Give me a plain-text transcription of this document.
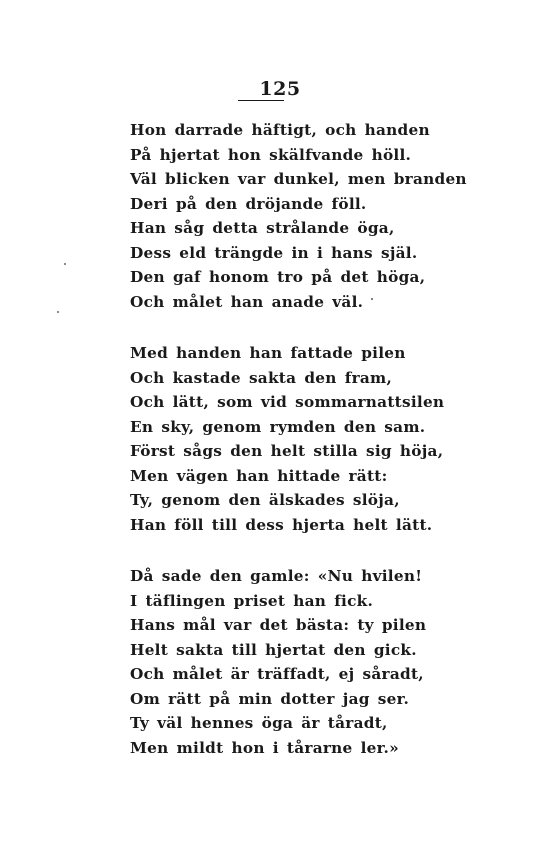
125
Hon darrade häftigt, och handen
På hjertat hon skälfvande höll.
Väl blicken var dunkel, men branden
Deri på den dröjande föll.
Han såg detta strålande öga,
Dess eld trängde in i hans själ.
Den gaf honom tro på det höga,
Och målet han anade väl.
Med handen han fattade pilen
Och kastade sakta den fram,
Och lätt, som vid sommarnattsilen
En sky, genom rymden den sam.
Först sågs den helt stilla sig höja,
Men vägen han hittade rätt:
Ty, genom den älskades slöja,
Han föll till dess hjerta helt lätt.
Då sade den gamle: «Nu hvilen!
I täflingen priset han fick.
Hans mål var det bästa: ty pilen
Helt sakta till hjertat den gick.
Och målet är träffadt, ej såradt,
Om rätt på min dotter jag ser.
Ty väl hennes öga är tåradt,
Men mildt hon i tårarne ler.»
